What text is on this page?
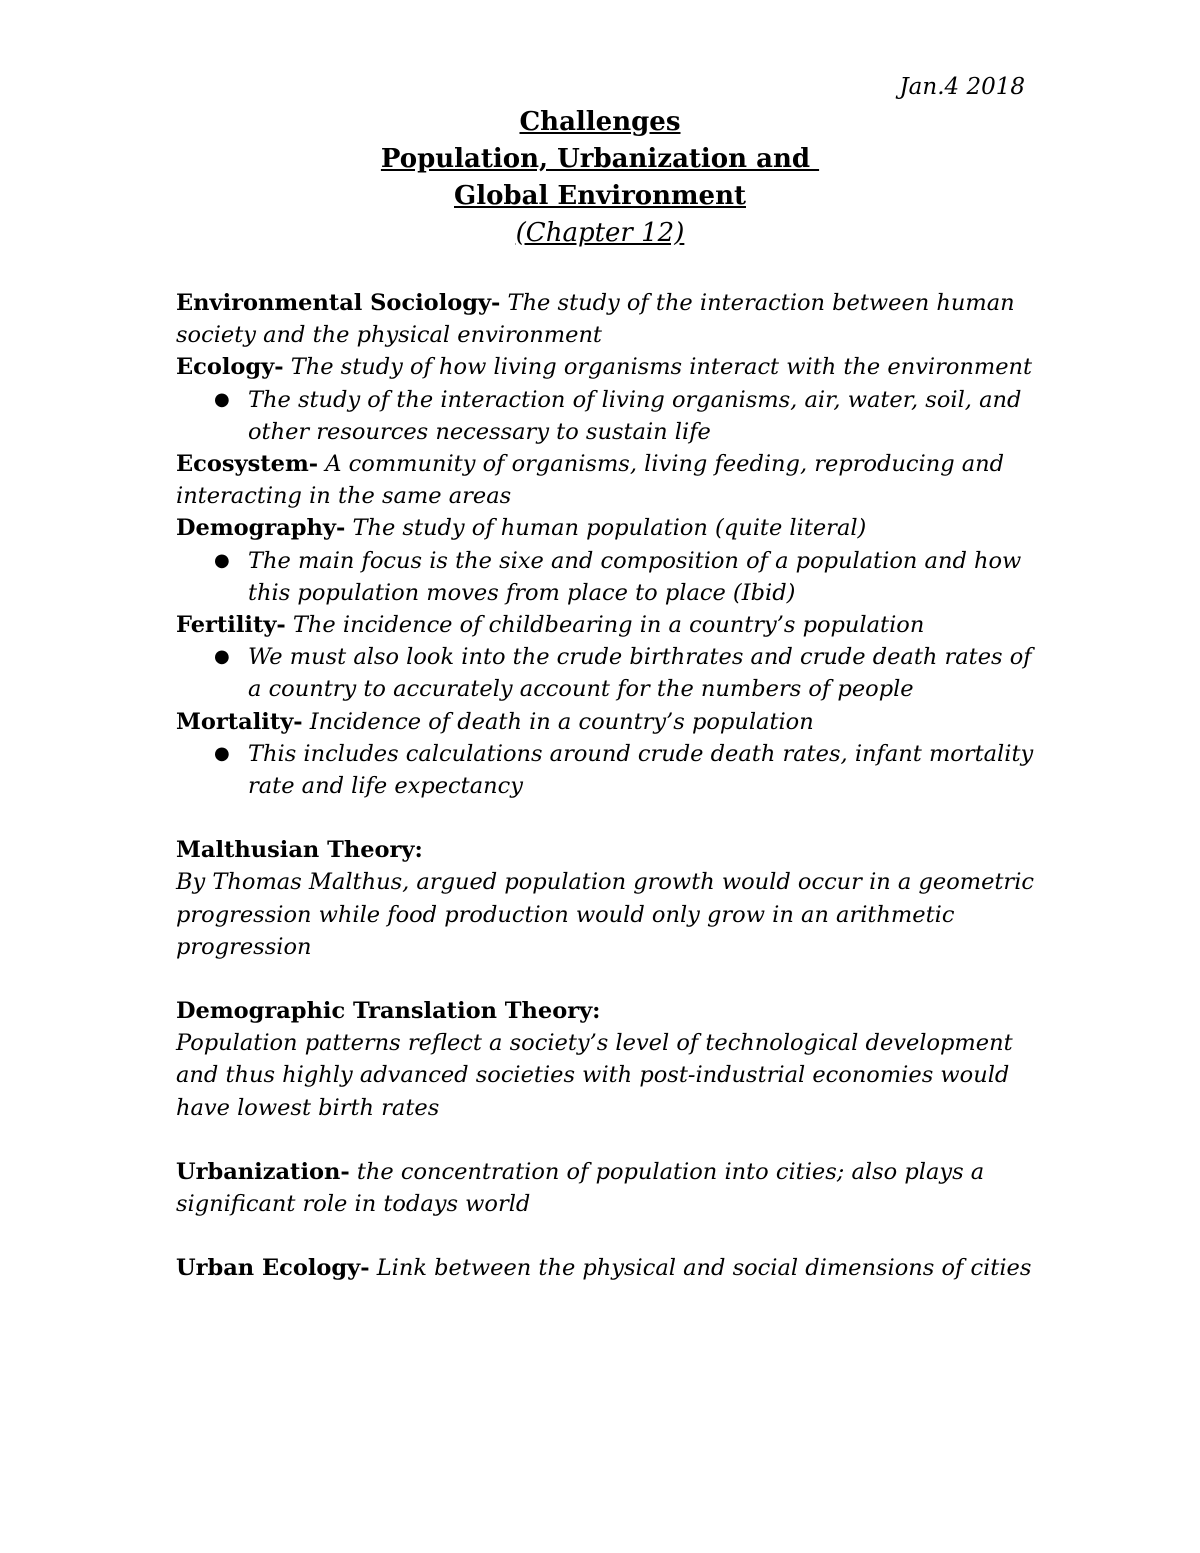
Jan.4 2018
Challenges
Population, Urbanization and
Global Environment
(Chapter 12)

Environmental Sociology- The study of the interaction between human society and the physical environment

Ecology- The study of how living organisms interact with the environment

● The study of the interaction of living organisms, air, water, soil, and other resources necessary to sustain life

Ecosystem- A community of organisms, living feeding, reproducing and interacting in the same areas

Demography- The study of human population (quite literal)

● The main focus is the sixe and composition of a population and how this population moves from place to place (Ibid)

Fertility- The incidence of childbearing in a country’s population

● We must also look into the crude birthrates and crude death rates of a country to accurately account for the numbers of people

Mortality- Incidence of death in a country’s population

● This includes calculations around crude death rates, infant mortality rate and life expectancy

Malthusian Theory:

By Thomas Malthus, argued population growth would occur in a geometric progression while food production would only grow in an arithmetic progression

Demographic Translation Theory:

Population patterns reflect a society’s level of technological development and thus highly advanced societies with post-industrial economies would have lowest birth rates

Urbanization- the concentration of population into cities; also plays a significant role in todays world

Urban Ecology- Link between the physical and social dimensions of cities
